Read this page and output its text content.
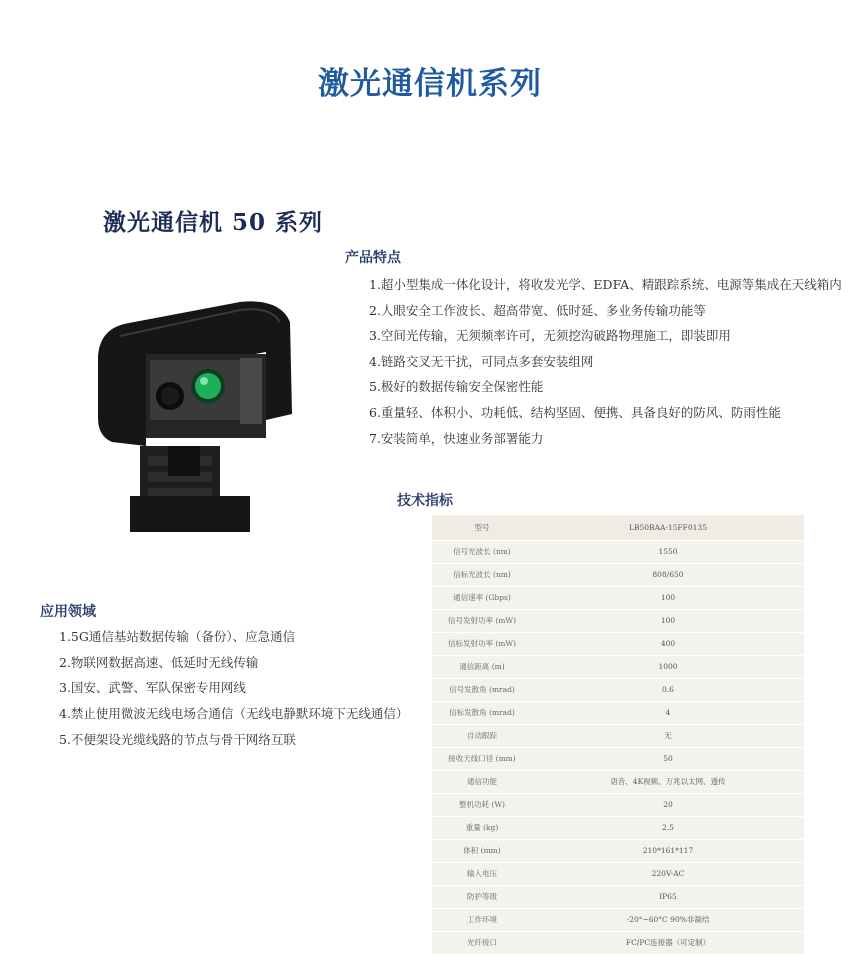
激光通信机系列
激光通信机 50 系列
产品特点
1.超小型集成一体化设计，将收发光学、EDFA、精跟踪系统、电源等集成在天线箱内
2.人眼安全工作波长、超高带宽、低时延、多业务传输功能等
3.空间光传输，无须频率许可，无须挖沟破路物理施工，即装即用
4.链路交叉无干扰，可同点多套安装组网
5.极好的数据传输安全保密性能
6.重量轻、体积小、功耗低、结构坚固、便携、具备良好的防风、防雨性能
7.安装简单，快速业务部署能力
技术指标
型号	LB50BAA-15FF0135
信号光波长 (nm)	1550
信标光波长 (nm)	808/650
通信速率 (Gbps)	100
信号发射功率 (mW)	100
信标发射功率 (mW)	400
通信距离 (m)	1000
信号发散角 (mrad)	0.6
信标发散角 (mrad)	4
自动跟踪	无
接收天线口径 (mm)	50
通信功能	语音、4K视频、万兆以太网、透传
整机功耗 (W)	20
重量 (kg)	2.5
体积 (mm)	210*161*117
输入电压	220V-AC
防护等级	IP65
工作环境	-20°~60°C 90%非凝结
光纤接口	FC/PC连接器（可定制）
应用领域
1.5G通信基站数据传输（备份）、应急通信
2.物联网数据高速、低延时无线传输
3.国安、武警、军队保密专用网线
4.禁止使用微波无线电场合通信（无线电静默环境下无线通信）
5.不便架设光缆线路的节点与骨干网络互联
